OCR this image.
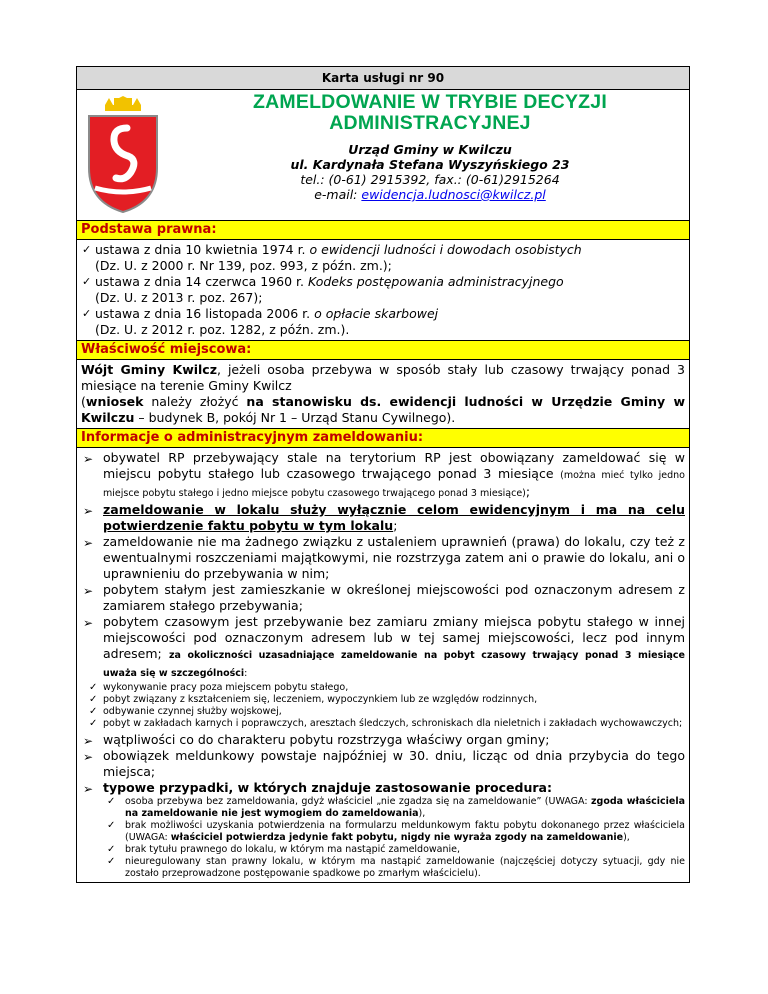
Karta usługi nr 90
ZAMELDOWANIE W TRYBIE DECYZJI
ADMINISTRACYJNEJ
Urząd Gminy w Kwilczu
ul. Kardynała Stefana Wyszyńskiego 23
tel.: (0-61) 2915392, fax.: (0-61)2915264
e-mail: ewidencja.ludnosci@kwilcz.pl
Podstawa prawna:
✓ ustawa z dnia 10 kwietnia 1974 r. o ewidencji ludności i dowodach osobistych
(Dz. U. z 2000 r. Nr 139, poz. 993, z późn. zm.);
✓ ustawa z dnia 14 czerwca 1960 r. Kodeks postępowania administracyjnego
(Dz. U. z 2013 r. poz. 267);
✓ ustawa z dnia 16 listopada 2006 r. o opłacie skarbowej
(Dz. U. z 2012 r. poz. 1282, z późn. zm.).
Właściwość miejscowa:
Wójt Gminy Kwilcz, jeżeli osoba przebywa w sposób stały lub czasowy trwający ponad 3 miesiące na terenie Gminy Kwilcz
(wniosek należy złożyć na stanowisku ds. ewidencji ludności w Urzędzie Gminy w Kwilczu – budynek B, pokój Nr 1 – Urząd Stanu Cywilnego).
Informacje o administracyjnym zameldowaniu:
➢ obywatel RP przebywający stale na terytorium RP jest obowiązany zameldować się w miejscu pobytu stałego lub czasowego trwającego ponad 3 miesiące (można mieć tylko jedno miejsce pobytu stałego i jedno miejsce pobytu czasowego trwającego ponad 3 miesiące);
➢ zameldowanie w lokalu służy wyłącznie celom ewidencyjnym i ma na celu potwierdzenie faktu pobytu w tym lokalu;
➢ zameldowanie nie ma żadnego związku z ustaleniem uprawnień (prawa) do lokalu, czy też z ewentualnymi roszczeniami majątkowymi, nie rozstrzyga zatem ani o prawie do lokalu, ani o uprawnieniu do przebywania w nim;
➢ pobytem stałym jest zamieszkanie w określonej miejscowości pod oznaczonym adresem z zamiarem stałego przebywania;
➢ pobytem czasowym jest przebywanie bez zamiaru zmiany miejsca pobytu stałego w innej miejscowości pod oznaczonym adresem lub w tej samej miejscowości, lecz pod innym adresem; za okoliczności uzasadniające zameldowanie na pobyt czasowy trwający ponad 3 miesiące uważa się w szczególności:
✓ wykonywanie pracy poza miejscem pobytu stałego,
✓ pobyt związany z kształceniem się, leczeniem, wypoczynkiem lub ze względów rodzinnych,
✓ odbywanie czynnej służby wojskowej,
✓ pobyt w zakładach karnych i poprawczych, aresztach śledczych, schroniskach dla nieletnich i zakładach wychowawczych;
➢ wątpliwości co do charakteru pobytu rozstrzyga właściwy organ gminy;
➢ obowiązek meldunkowy powstaje najpóźniej w 30. dniu, licząc od dnia przybycia do tego miejsca;
➢ typowe przypadki, w których znajduje zastosowanie procedura:
✓ osoba przebywa bez zameldowania, gdyż właściciel „nie zgadza się na zameldowanie” (UWAGA: zgoda właściciela na zameldowanie nie jest wymogiem do zameldowania),
✓ brak możliwości uzyskania potwierdzenia na formularzu meldunkowym faktu pobytu dokonanego przez właściciela (UWAGA: właściciel potwierdza jedynie fakt pobytu, nigdy nie wyraża zgody na zameldowanie),
✓ brak tytułu prawnego do lokalu, w którym ma nastąpić zameldowanie,
✓ nieuregulowany stan prawny lokalu, w którym ma nastąpić zameldowanie (najczęściej dotyczy sytuacji, gdy nie zostało przeprowadzone postępowanie spadkowe po zmarłym właścicielu).
